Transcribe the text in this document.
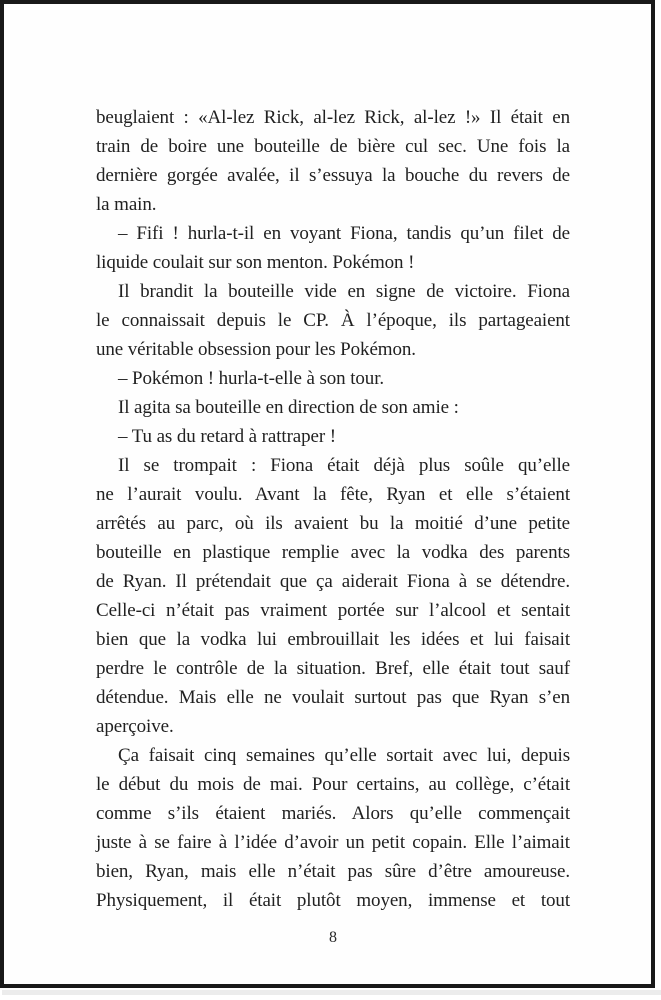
beuglaient : «Al-lez Rick, al-lez Rick, al-lez !» Il était en
train de boire une bouteille de bière cul sec. Une fois la
dernière gorgée avalée, il s’essuya la bouche du revers de
la main.
– Fifi ! hurla-t-il en voyant Fiona, tandis qu’un filet de
liquide coulait sur son menton. Pokémon !
Il brandit la bouteille vide en signe de victoire. Fiona
le connaissait depuis le CP. À l’époque, ils partageaient
une véritable obsession pour les Pokémon.
– Pokémon ! hurla-t-elle à son tour.
Il agita sa bouteille en direction de son amie :
– Tu as du retard à rattraper !
Il se trompait : Fiona était déjà plus soûle qu’elle
ne l’aurait voulu. Avant la fête, Ryan et elle s’étaient
arrêtés au parc, où ils avaient bu la moitié d’une petite
bouteille en plastique remplie avec la vodka des parents
de Ryan. Il prétendait que ça aiderait Fiona à se détendre.
Celle-ci n’était pas vraiment portée sur l’alcool et sentait
bien que la vodka lui embrouillait les idées et lui faisait
perdre le contrôle de la situation. Bref, elle était tout sauf
détendue. Mais elle ne voulait surtout pas que Ryan s’en
aperçoive.
Ça faisait cinq semaines qu’elle sortait avec lui, depuis
le début du mois de mai. Pour certains, au collège, c’était
comme s’ils étaient mariés. Alors qu’elle commençait
juste à se faire à l’idée d’avoir un petit copain. Elle l’aimait
bien, Ryan, mais elle n’était pas sûre d’être amoureuse.
Physiquement, il était plutôt moyen, immense et tout
8
